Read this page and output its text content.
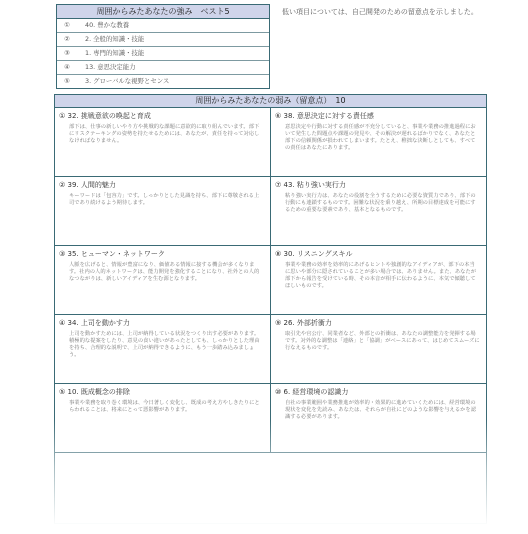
周囲からみたあなたの強み　ベスト5
①	40. 豊かな教養
②	2. 全般的知識・技能
③	1. 専門的知識・技能
④	13. 意思決定能力
⑤	3. グローバルな視野とセンス
低い項目については、自己開発のための留意点を示しました。
周囲からみたあなたの弱み（留意点）　10
① 32. 挑戦意欲の喚起と育成
部下は、仕事の新しいやり方や挑戦的な課題に意欲的に取り組んでいます。部下にリスクテーキングの姿勢を持たせるためには、あなたが、責任を持って対応しなければなりません。
⑥ 38. 意思決定に対する責任感
意思決定や行動に対する責任感が不充分していると、事業や業務の推進過程において発生した問題点や課題の発見や、その解決が遅れるばかりでなく、あなたと部下の信頼関係が損われてしまいます。たとえ、稚拙な決断しとしても、すべての責任はあなたにあります。
② 39. 人間的魅力
キーワードは「包容力」です。しっかりとした見識を持ち、部下に尊敬される上司であり続けるよう期待します。
⑦ 43. 粘り強い実行力
粘り強い実行力は、あなたの役割を全うするために必要な資質力であり、部下の行動にも連鎖するものです。困難な状況を乗り越え、所期の目標達成を可能にするための重要な要素であり、基本となるものです。
③ 35. ヒューマン・ネットワーク
人脈を広げると、情報が豊富になり、価値ある情報に接する機会が多くなります。社内の人的ネットワークは、能力開発を強化することになり、社外との人的なつながりは、新しいアイディアを生む源となります。
⑧ 30. リスニングスキル
事業や業務の効率を効率的にあげるヒントや独創的なアイディアが、部下の本当に思いや部分に隠されていることが多い場合では、ありません。また、あなたが部下から報告を受けている時、その本音が相手に伝わるように、本気で傾聴してほしいものです。
④ 34. 上司を動かす力
上司を動かすためには、上司が納得している状況をつくり出す必要があります。積極的な提案をしたり、意見の食い違いがあったとしても、しっかりとした理由を持ち、合理的な説明で、上司が納得できるように、もう一歩踏み込みましょう。
⑨ 26. 外部折衝力
取引先や官公庁、同業者など、外部との折衝は、あなたの調整能力を発揮する場です。対外的な調整は「連絡」と「協調」がベースにあって、はじめてスムーズに行なえるものです。
⑤ 10. 既成概念の排除
事業や業務を取り巻く環境は、今日著しく変化し、既成の考え方やしきたりにとらわれることは、将来にとって悪影響があります。
⑩ 6. 経営環境の認識力
自社の事業範囲や業務推進が効率的・効果的に進めていくためには、経営環境の現状を変化を先読み、あなたは、それらが自社にどのような影響を与えるかを認識する必要があります。
